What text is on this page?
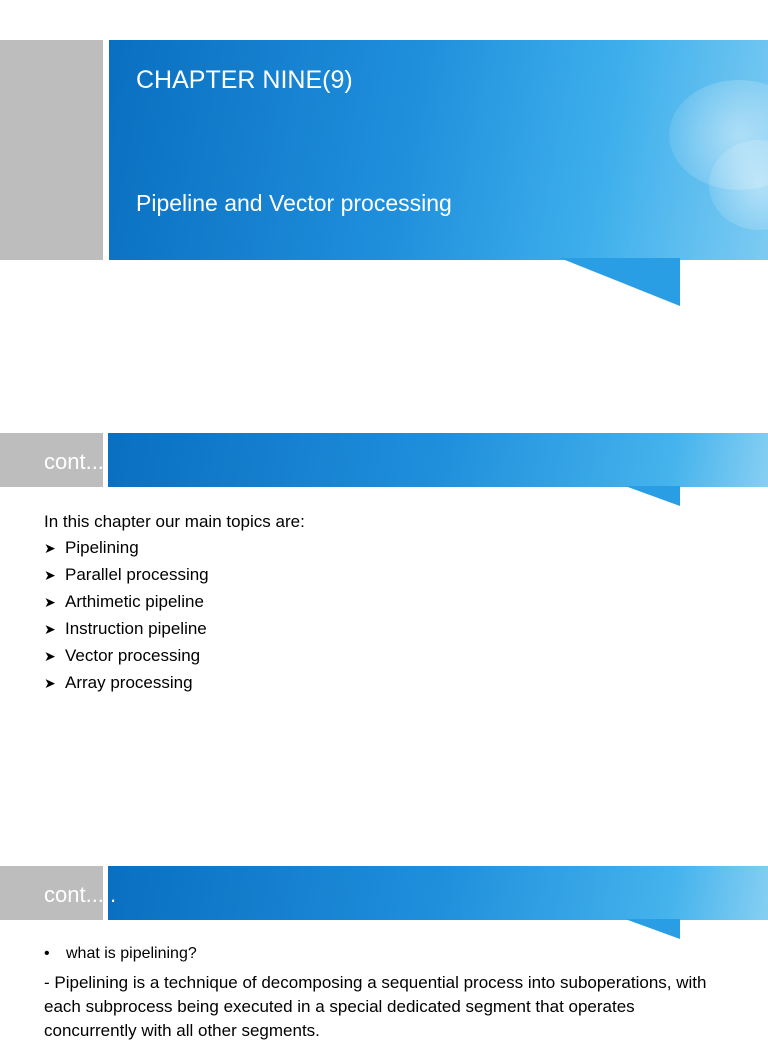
CHAPTER NINE(9)
Pipeline and Vector processing
cont...
In this chapter our main topics are:
➤ Pipelining
➤ Parallel processing
➤ Arthimetic pipeline
➤ Instruction pipeline
➤ Vector processing
➤ Array processing
cont.....
• what is pipelining?
- Pipelining is a technique of decomposing a sequential process into suboperations, with each subprocess being executed in a special dedicated segment that operates concurrently with all other segments.
